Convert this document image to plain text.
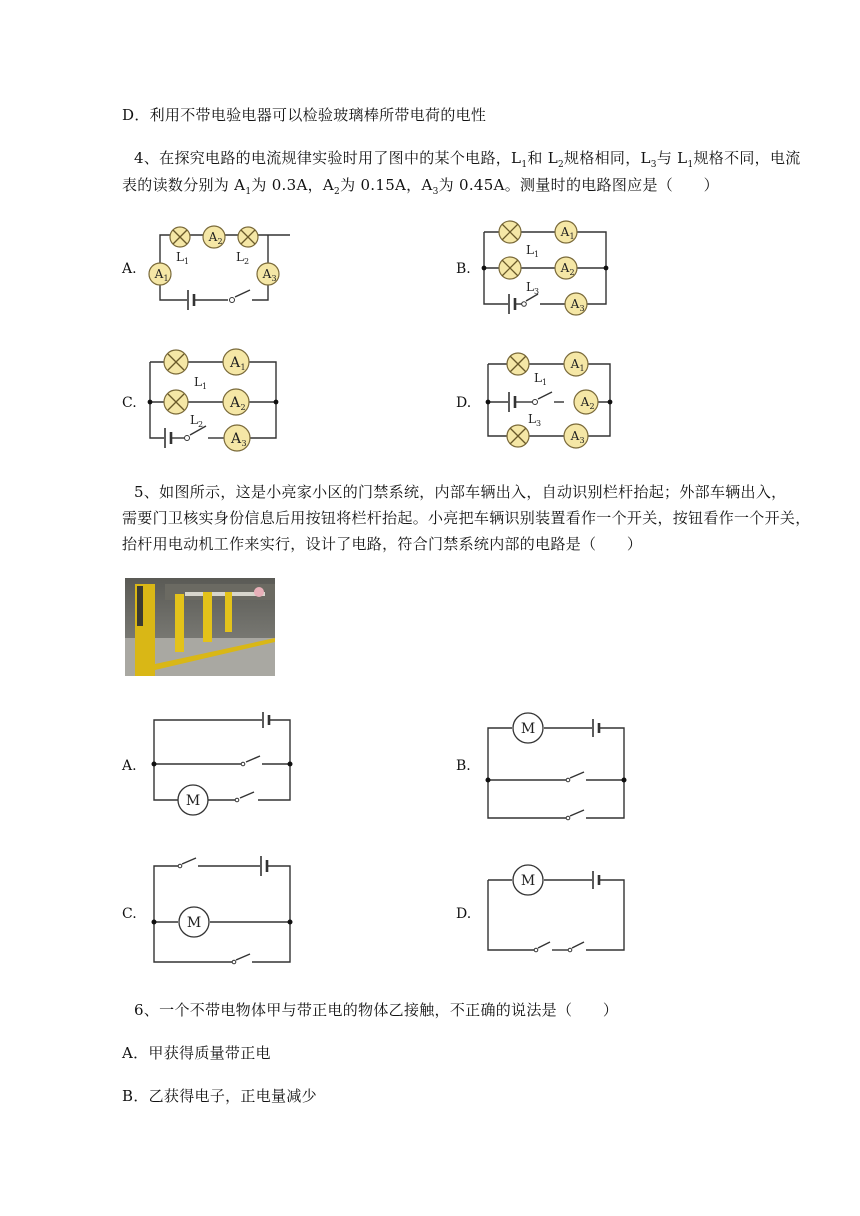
D．利用不带电验电器可以检验玻璃棒所带电荷的电性
4、在探究电路的电流规律实验时用了图中的某个电路，$L_1$和 $L_2$规格相同，$L_3$与 $L_1$规格不同，电流
表的读数分别为 $A_1$为 0.3A，$A_2$为 0.15A，$A_3$为 0.45A。测量时的电路图应是（　　）
A.	B.
C.	D.
A 2
A 1	A 3
L 1	L 2
A 1
A 2
A 3
L 1
L 3
A 1
A 2
A 3
L 1
L 2
A 1
A 2
A 3
L 1
L 3
5、如图所示，这是小亮家小区的门禁系统，内部车辆出入，自动识别栏杆抬起；外部车辆出入，
需要门卫核实身份信息后用按钮将栏杆抬起。小亮把车辆识别装置看作一个开关，按钮看作一个开关，
抬杆用电动机工作来实行，设计了电路，符合门禁系统内部的电路是（　　）
A.	B.
C.	D.
M
M
M
M
6、一个不带电物体甲与带正电的物体乙接触，不正确的说法是（　　）
A．甲获得质量带正电
B．乙获得电子，正电量减少
